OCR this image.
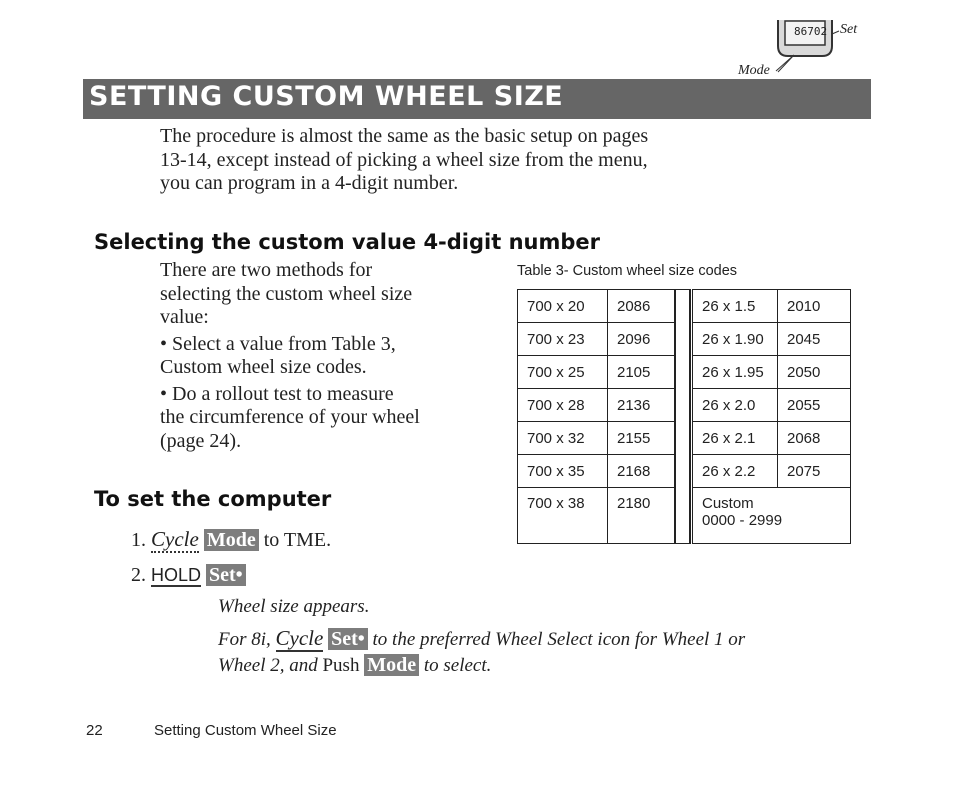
86702 Set
Mode
SETTING CUSTOM WHEEL SIZE
The procedure is almost the same as the basic setup on pages
13-14, except instead of picking a wheel size from the menu,
you can program in a 4-digit number.
Selecting the custom value 4-digit number
There are two methods for
selecting the custom wheel size
value:
• Select a value from Table 3,
Custom wheel size codes.
• Do a rollout test to measure
the circumference of your wheel
(page 24).
Table 3- Custom wheel size codes
700 x 20	2086
700 x 23	2096
700 x 25	2105
700 x 28	2136
700 x 32	2155
700 x 35	2168
700 x 38	2180
26 x 1.5	2010
26 x 1.90	2045
26 x 1.95	2050
26 x 2.0	2055
26 x 2.1	2068
26 x 2.2	2075

Custom
0000 - 2999	
To set the computer
1. Cycle Mode to TME.
2. HOLD Set•
Wheel size appears.
For 8i, Cycle Set• to the preferred Wheel Select icon for Wheel 1 or
Wheel 2, and Push Mode to select.
22	Setting Custom Wheel Size
